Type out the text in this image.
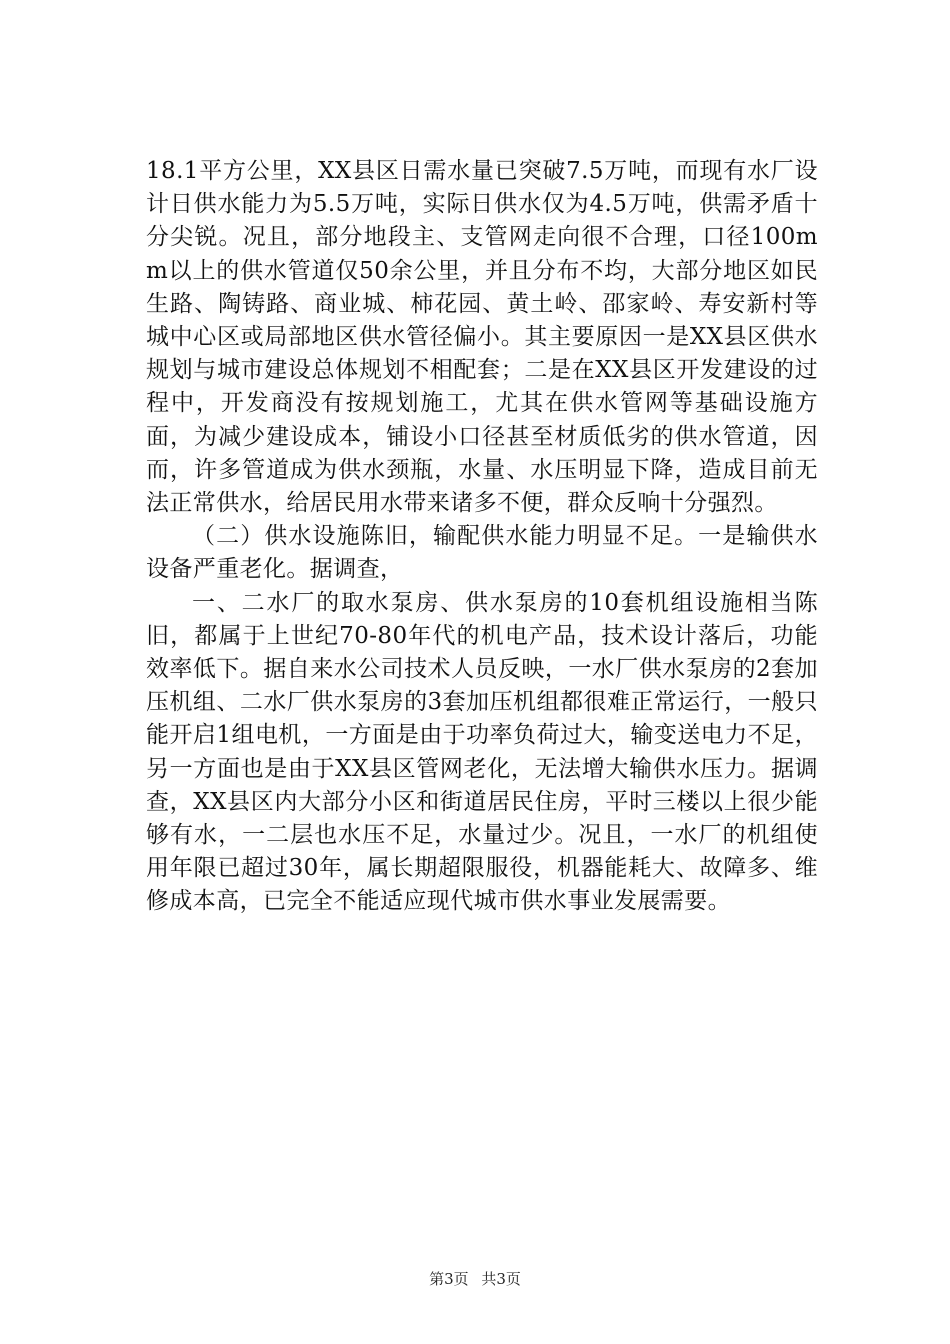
18.1平方公里，XX县区日需水量已突破7.5万吨，而现有水厂设计日供水能力为5.5万吨，实际日供水仅为4.5万吨，供需矛盾十分尖锐。况且，部分地段主、支管网走向很不合理，口径100mm以上的供水管道仅50余公里，并且分布不均，大部分地区如民生路、陶铸路、商业城、柿花园、黄土岭、邵家岭、寿安新村等城中心区或局部地区供水管径偏小。其主要原因一是XX县区供水规划与城市建设总体规划不相配套；二是在XX县区开发建设的过程中，开发商没有按规划施工，尤其在供水管网等基础设施方面，为减少建设成本，铺设小口径甚至材质低劣的供水管道，因而，许多管道成为供水颈瓶，水量、水压明显下降，造成目前无法正常供水，给居民用水带来诸多不便，群众反响十分强烈。

（二）供水设施陈旧，输配供水能力明显不足。一是输供水设备严重老化。据调查，

一、二水厂的取水泵房、供水泵房的10套机组设施相当陈旧，都属于上世纪70-80年代的机电产品，技术设计落后，功能效率低下。据自来水公司技术人员反映，一水厂供水泵房的2套加压机组、二水厂供水泵房的3套加压机组都很难正常运行，一般只能开启1组电机，一方面是由于功率负荷过大，输变送电力不足，另一方面也是由于XX县区管网老化，无法增大输供水压力。据调查，XX县区内大部分小区和街道居民住房，平时三楼以上很少能够有水，一二层也水压不足，水量过少。况且，一水厂的机组使用年限已超过30年，属长期超限服役，机器能耗大、故障多、维修成本高，已完全不能适应现代城市供水事业发展需要。

第3页 共3页
